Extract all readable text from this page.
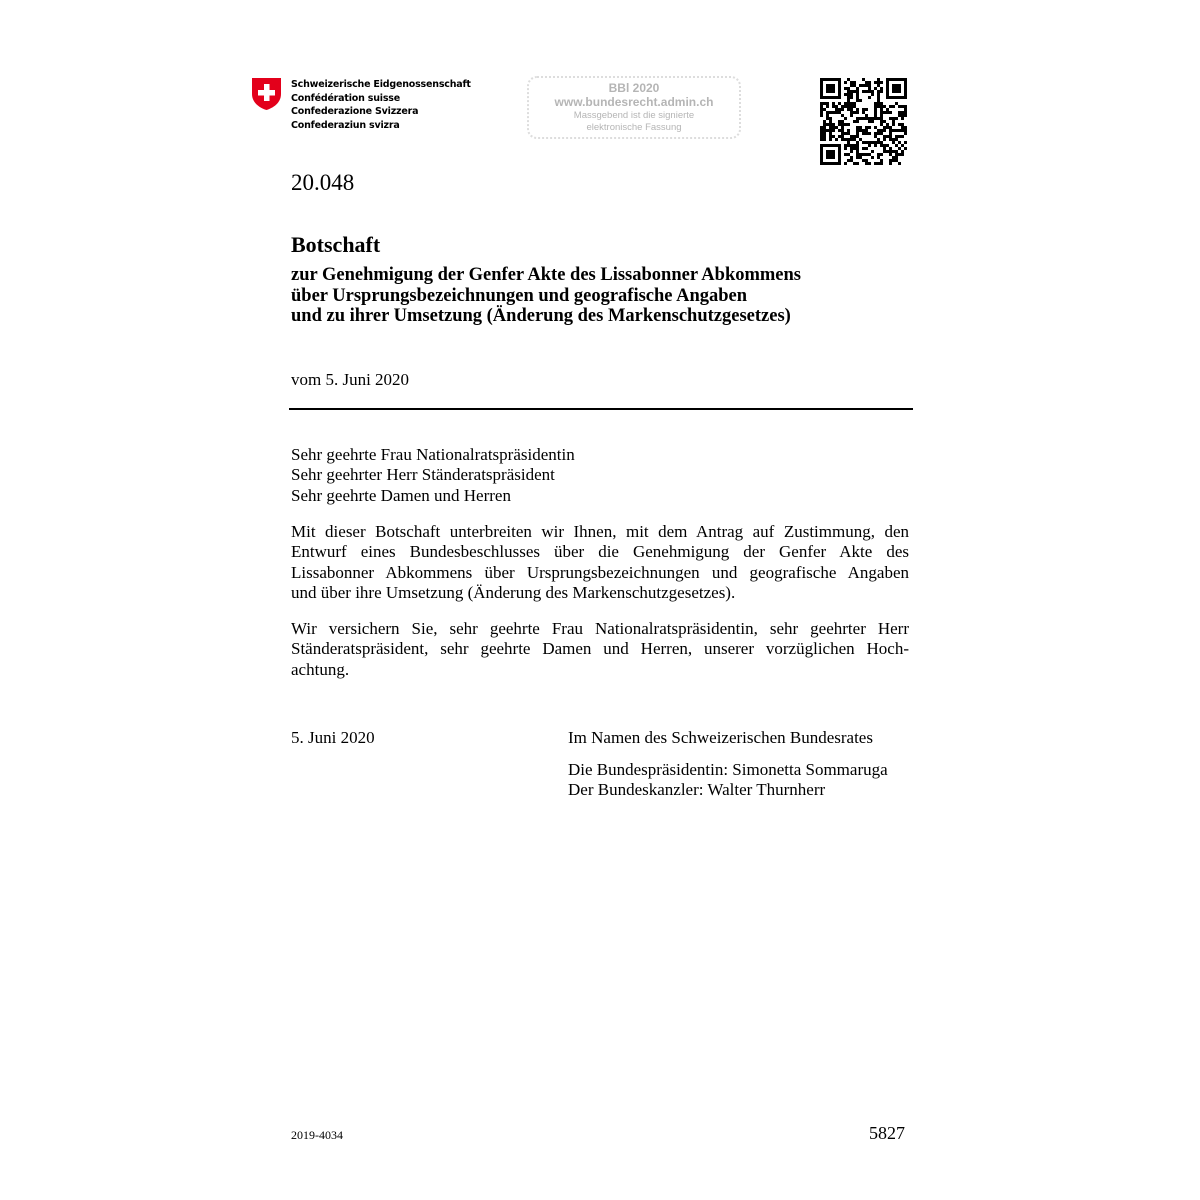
Schweizerische Eidgenossenschaft
Confédération suisse
Confederazione Svizzera
Confederaziun svizra
BBl 2020
www.bundesrecht.admin.ch
Massgebend ist die signierte
elektronische Fassung
20.048
Botschaft
zur Genehmigung der Genfer Akte des Lissabonner Abkommens
über Ursprungsbezeichnungen und geografische Angaben
und zu ihrer Umsetzung (Änderung des Markenschutzgesetzes)
vom 5. Juni 2020
Sehr geehrte Frau Nationalratspräsidentin
Sehr geehrter Herr Ständeratspräsident
Sehr geehrte Damen und Herren
Mit dieser Botschaft unterbreiten wir Ihnen, mit dem Antrag auf Zustimmung, den
Entwurf eines Bundesbeschlusses über die Genehmigung der Genfer Akte des
Lissabonner Abkommens über Ursprungsbezeichnungen und geografische Angaben
und über ihre Umsetzung (Änderung des Markenschutzgesetzes).
Wir versichern Sie, sehr geehrte Frau Nationalratspräsidentin, sehr geehrter Herr
Ständeratspräsident, sehr geehrte Damen und Herren, unserer vorzüglichen Hoch-
achtung.
5. Juni 2020	Im Namen des Schweizerischen Bundesrates
Die Bundespräsidentin: Simonetta Sommaruga
Der Bundeskanzler: Walter Thurnherr
2019-4034	5827
